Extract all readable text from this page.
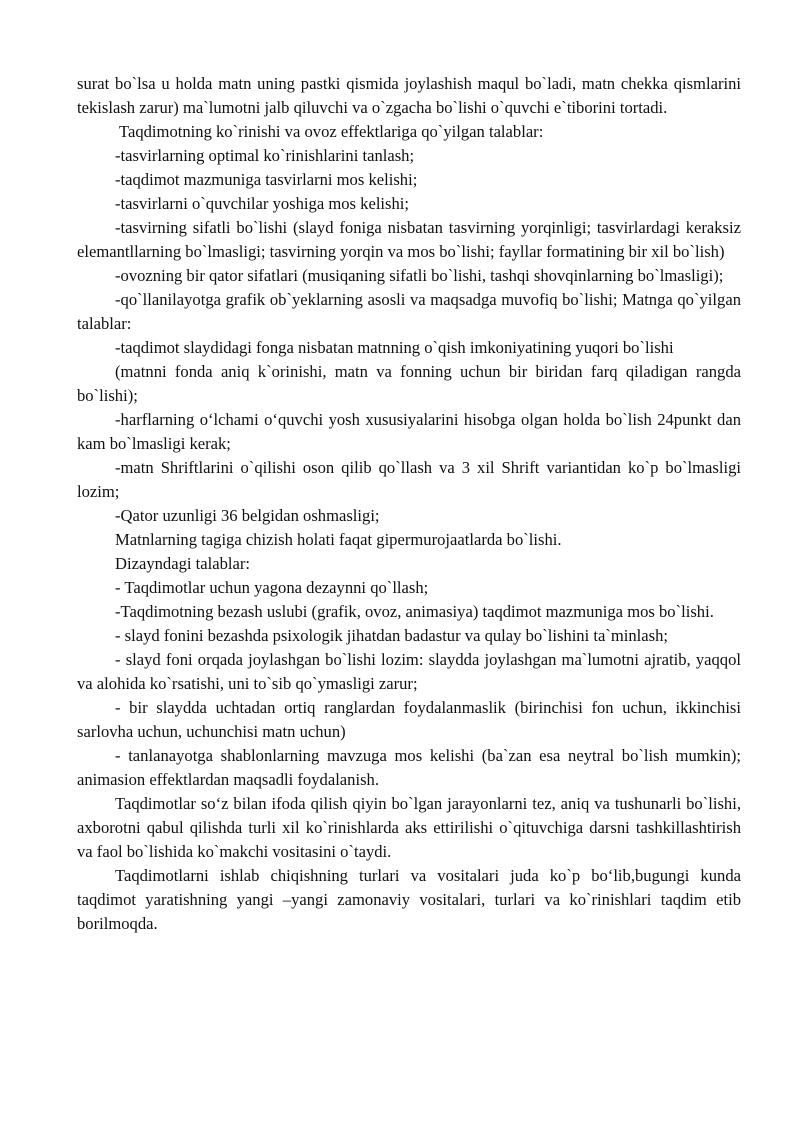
surat bo`lsa u holda matn uning pastki qismida joylashish maqul bo`ladi, matn chekka qismlarini tekislash zarur) ma`lumotni jalb qiluvchi va o`zgacha bo`lishi o`quvchi e`tiborini tortadi.

Taqdimotning ko`rinishi va ovoz effektlariga qo`yilgan talablar:

-tasvirlarning optimal ko`rinishlarini tanlash;

-taqdimot mazmuniga tasvirlarni mos kelishi;

-tasvirlarni o`quvchilar yoshiga mos kelishi;

-tasvirning sifatli bo`lishi (slayd foniga nisbatan tasvirning yorqinligi; tasvirlardagi keraksiz elemantllarning bo`lmasligi; tasvirning yorqin va mos bo`lishi; fayllar formatining bir xil bo`lish)

-ovozning bir qator sifatlari (musiqaning sifatli bo`lishi, tashqi shovqinlarning bo`lmasligi);

-qo`llanilayotga grafik ob`yeklarning asosli va maqsadga muvofiq bo`lishi; Matnga qo`yilgan talablar:

-taqdimot slaydidagi fonga nisbatan matnning o`qish imkoniyatining yuqori bo`lishi

(matnni fonda aniq k`orinishi, matn va fonning uchun bir biridan farq qiladigan rangda bo`lishi);

-harflarning o‘lchami o‘quvchi yosh xususiyalarini hisobga olgan holda bo`lish 24punkt dan kam bo`lmasligi kerak;

-matn Shriftlarini o`qilishi oson qilib qo`llash va 3 xil Shrift variantidan ko`p bo`lmasligi lozim;

-Qator uzunligi 36 belgidan oshmasligi;

Matnlarning tagiga chizish holati faqat gipermurojaatlarda bo`lishi.

Dizayndagi talablar:

- Taqdimotlar uchun yagona dezaynni qo`llash;

-Taqdimotning bezash uslubi (grafik, ovoz, animasiya) taqdimot mazmuniga mos bo`lishi.

- slayd fonini bezashda psixologik jihatdan badastur va qulay bo`lishini ta`minlash;

- slayd foni orqada joylashgan bo`lishi lozim: slaydda joylashgan ma`lumotni ajratib, yaqqol va alohida ko`rsatishi, uni to`sib qo`ymasligi zarur;

- bir slaydda uchtadan ortiq ranglardan foydalanmaslik (birinchisi fon uchun, ikkinchisi sarlovha uchun, uchunchisi matn uchun)

- tanlanayotga shablonlarning mavzuga mos kelishi (ba`zan esa neytral bo`lish mumkin); animasion effektlardan maqsadli foydalanish.

Taqdimotlar so‘z bilan ifoda qilish qiyin bo`lgan jarayonlarni tez, aniq va tushunarli bo`lishi, axborotni qabul qilishda turli xil ko`rinishlarda aks ettirilishi o`qituvchiga darsni tashkillashtirish va faol bo`lishida ko`makchi vositasini o`taydi.

Taqdimotlarni ishlab chiqishning turlari va vositalari juda ko`p bo‘lib,bugungi kunda taqdimot yaratishning yangi –yangi zamonaviy vositalari, turlari va ko`rinishlari taqdim etib borilmoqda.
